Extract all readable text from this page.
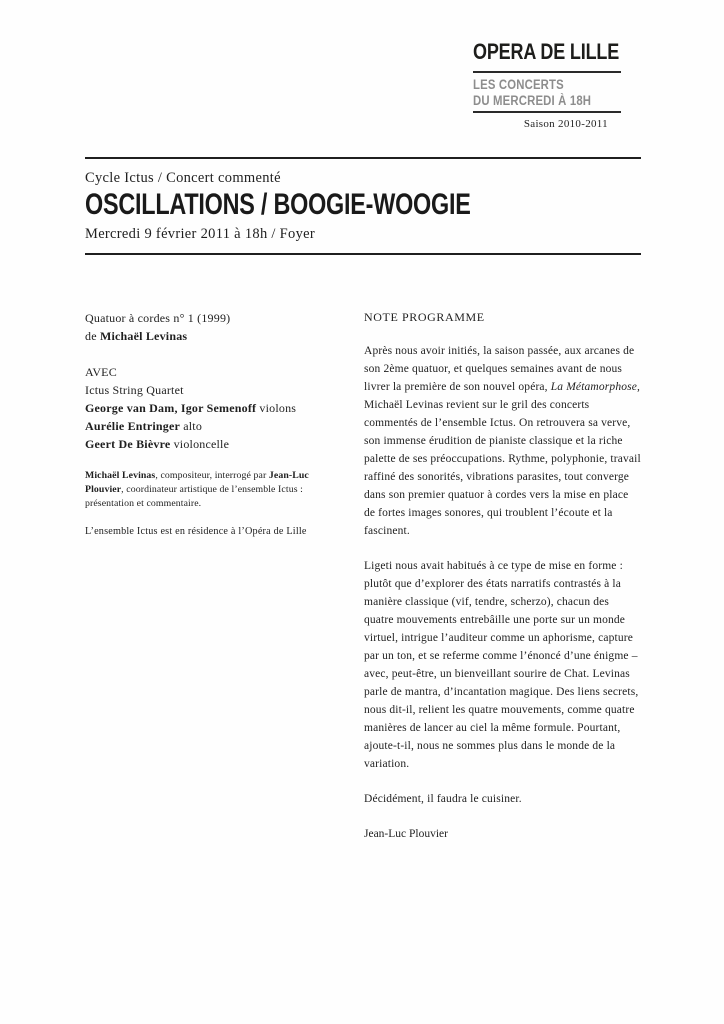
OPERA DE LILLE
LES CONCERTS
DU MERCREDI À 18H
Saison 2010-2011
Cycle Ictus / Concert commenté
OSCILLATIONS / BOOGIE-WOOGIE
Mercredi 9 février 2011 à 18h / Foyer
Quatuor à cordes n° 1 (1999)
de Michaël Levinas
AVEC
Ictus String Quartet
George van Dam, Igor Semenoff violons
Aurélie Entringer alto
Geert De Bièvre violoncelle
Michaël Levinas, compositeur, interrogé par Jean-Luc Plouvier, coordinateur artistique de l’ensemble Ictus : présentation et commentaire.
L’ensemble Ictus est en résidence à l’Opéra de Lille
NOTE PROGRAMME
Après nous avoir initiés, la saison passée, aux arcanes de son 2ème quatuor, et quelques semaines avant de nous livrer la première de son nouvel opéra, La Métamorphose, Michaël Levinas revient sur le gril des concerts commentés de l’ensemble Ictus. On retrouvera sa verve, son immense érudition de pianiste classique et la riche palette de ses préoccupations. Rythme, polyphonie, travail raffiné des sonorités, vibrations parasites, tout converge dans son premier quatuor à cordes vers la mise en place de fortes images sonores, qui troublent l’écoute et la fascinent.
Ligeti nous avait habitués à ce type de mise en forme : plutôt que d’explorer des états narratifs contrastés à la manière classique (vif, tendre, scherzo), chacun des quatre mouvements entrebâille une porte sur un monde virtuel, intrigue l’auditeur comme un aphorisme, capture par un ton, et se referme comme l’énoncé d’une énigme – avec, peut-être, un bienveillant sourire de Chat. Levinas parle de mantra, d’incantation magique. Des liens secrets, nous dit-il, relient les quatre mouvements, comme quatre manières de lancer au ciel la même formule. Pourtant, ajoute-t-il, nous ne sommes plus dans le monde de la variation.
Décidément, il faudra le cuisiner.
Jean-Luc Plouvier
